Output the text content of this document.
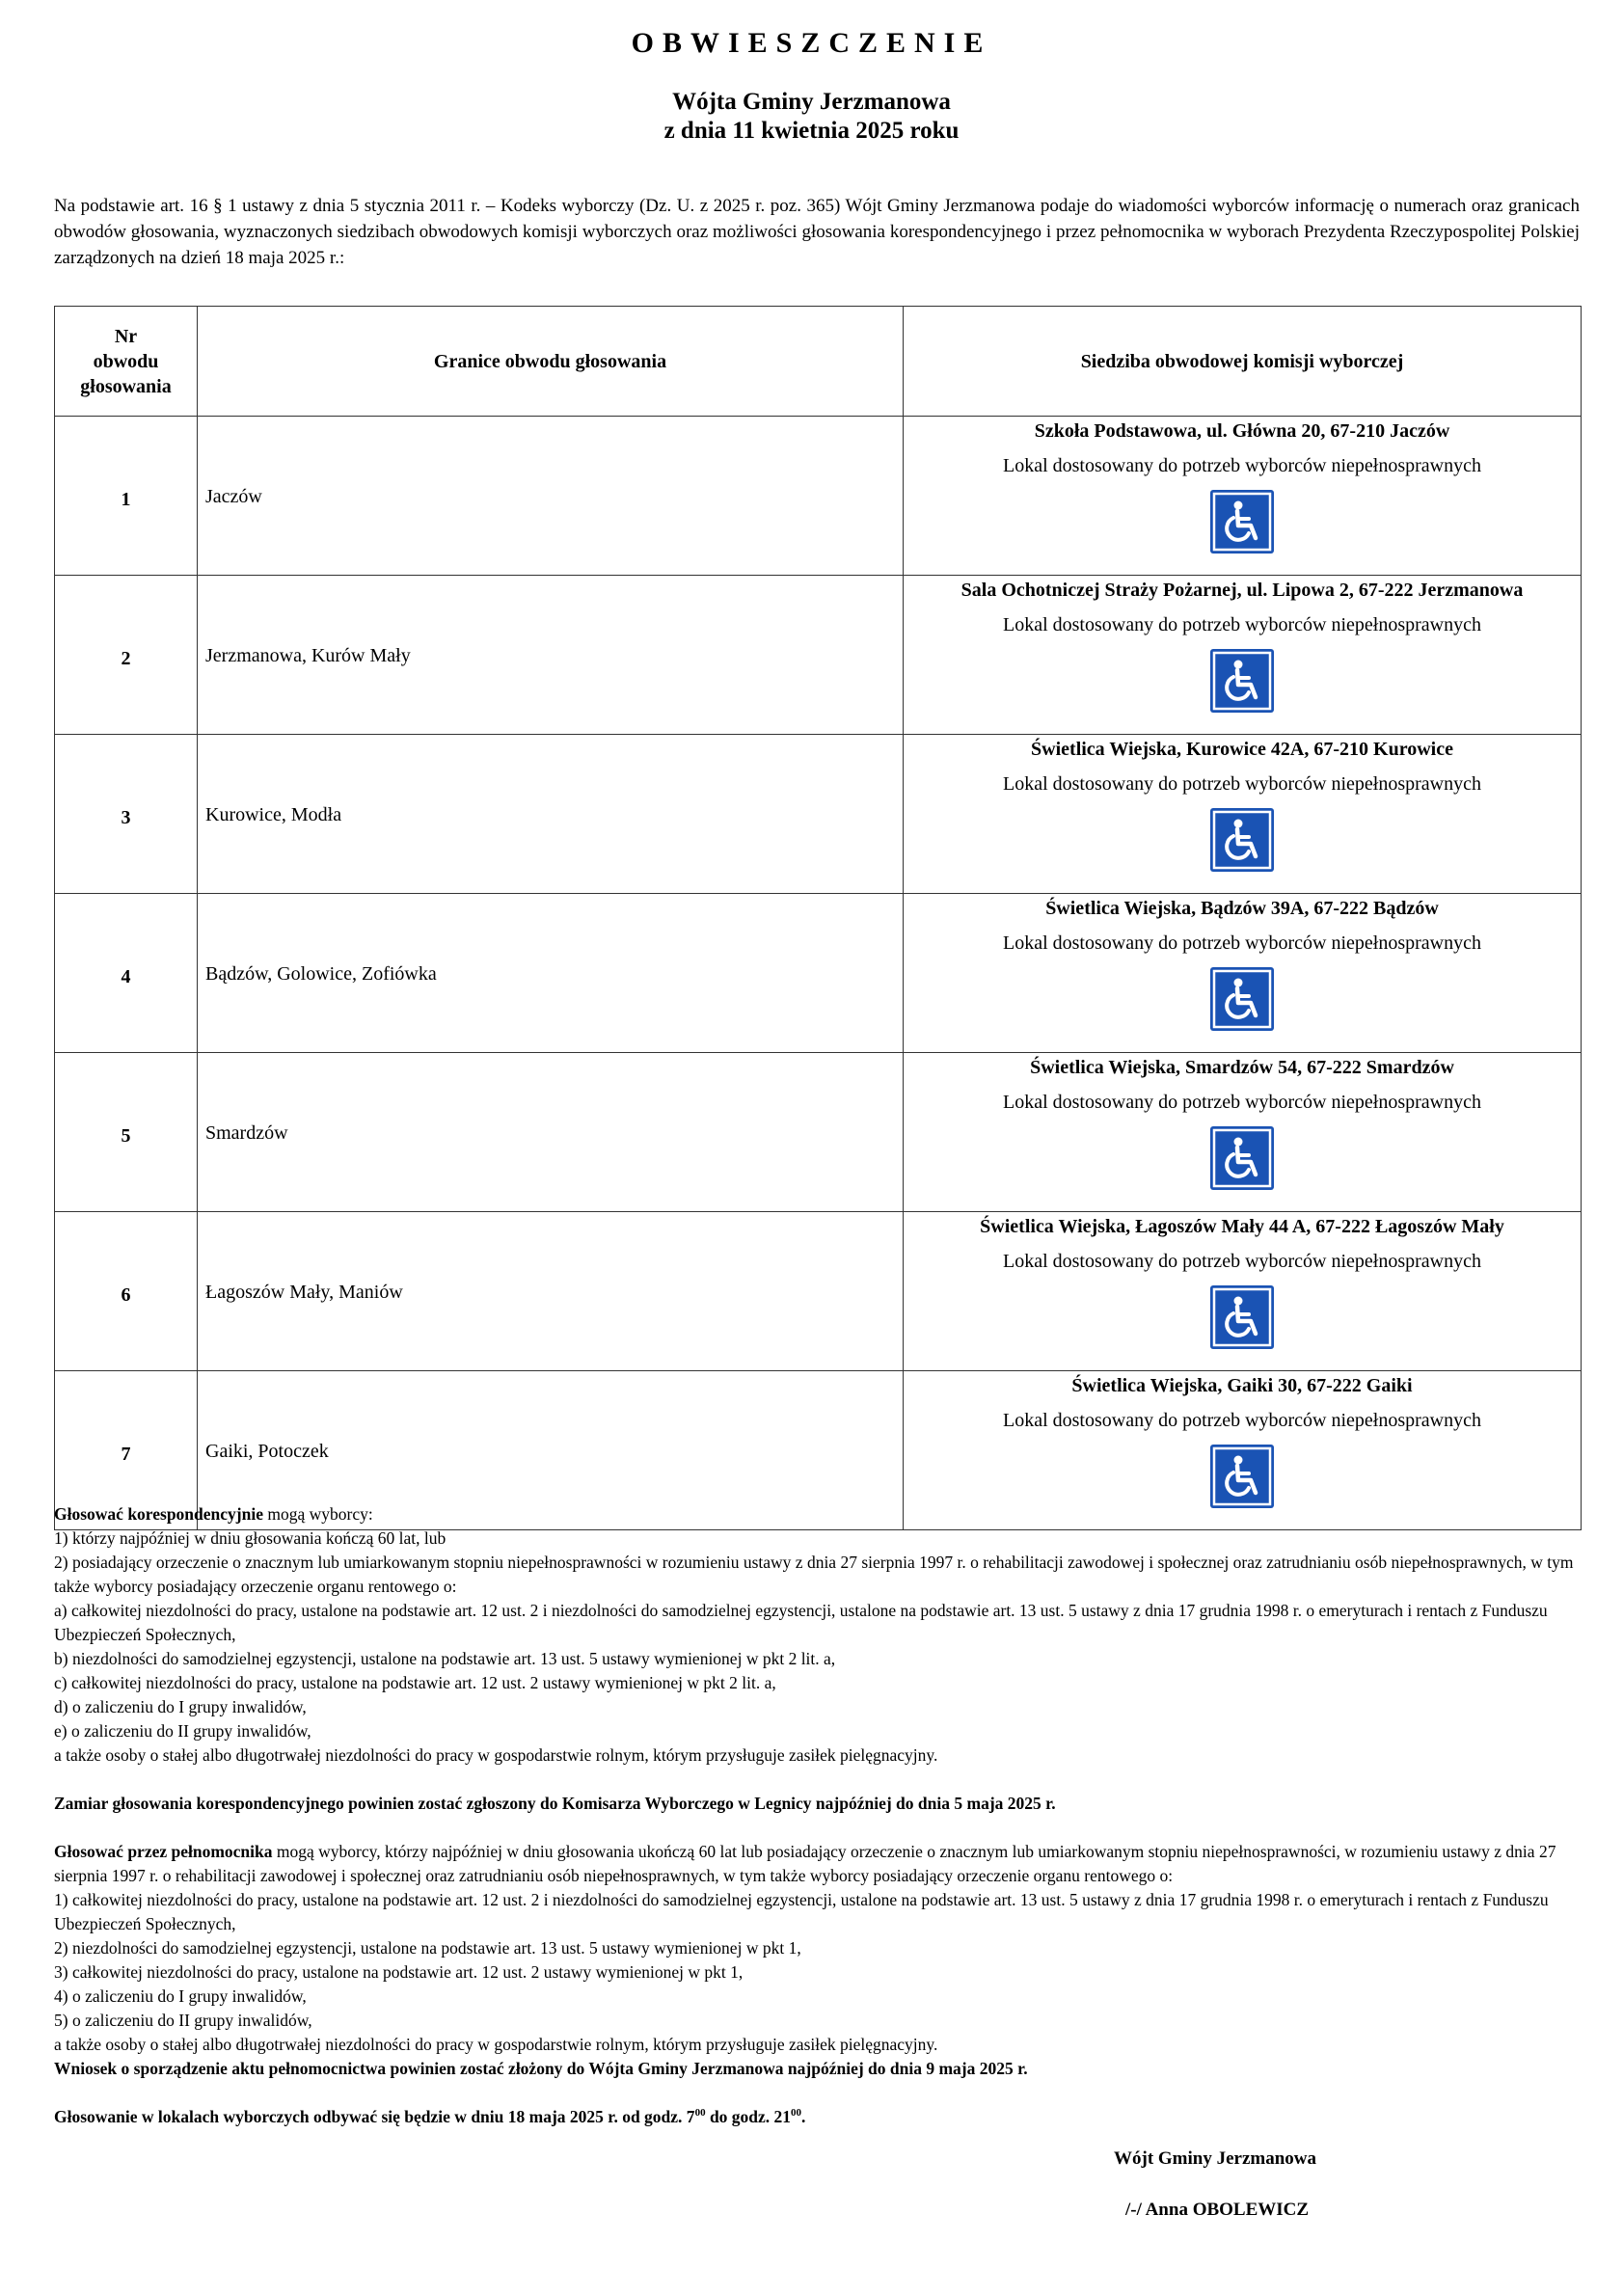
OBWIESZCZENIE
Wójta Gminy Jerzmanowa
z dnia 11 kwietnia 2025 roku
Na podstawie art. 16 § 1 ustawy z dnia 5 stycznia 2011 r. – Kodeks wyborczy (Dz. U. z 2025 r. poz. 365) Wójt Gminy Jerzmanowa podaje do wiadomości wyborców informację o numerach oraz granicach obwodów głosowania, wyznaczonych siedzibach obwodowych komisji wyborczych oraz możliwości głosowania korespondencyjnego i przez pełnomocnika w wyborach Prezydenta Rzeczypospolitej Polskiej zarządzonych na dzień 18 maja 2025 r.:
Nr obwodu głosowania	Granice obwodu głosowania	Siedziba obwodowej komisji wyborczej
1	Jaczów	Szkoła Podstawowa, ul. Główna 20, 67-210 Jaczów
Lokal dostosowany do potrzeb wyborców niepełnosprawnych

2	Jerzmanowa, Kurów Mały	Sala Ochotniczej Straży Pożarnej, ul. Lipowa 2, 67-222 Jerzmanowa
Lokal dostosowany do potrzeb wyborców niepełnosprawnych

3	Kurowice, Modła	Świetlica Wiejska, Kurowice 42A, 67-210 Kurowice
Lokal dostosowany do potrzeb wyborców niepełnosprawnych

4	Bądzów, Golowice, Zofiówka	Świetlica Wiejska, Bądzów 39A, 67-222 Bądzów
Lokal dostosowany do potrzeb wyborców niepełnosprawnych

5	Smardzów	Świetlica Wiejska, Smardzów 54, 67-222 Smardzów
Lokal dostosowany do potrzeb wyborców niepełnosprawnych

6	Łagoszów Mały, Maniów	Świetlica Wiejska, Łagoszów Mały 44 A, 67-222 Łagoszów Mały
Lokal dostosowany do potrzeb wyborców niepełnosprawnych

7	Gaiki, Potoczek	Świetlica Wiejska, Gaiki 30, 67-222 Gaiki
Lokal dostosowany do potrzeb wyborców niepełnosprawnych

Głosować korespondencyjnie mogą wyborcy:

1) którzy najpóźniej w dniu głosowania kończą 60 lat, lub

2) posiadający orzeczenie o znacznym lub umiarkowanym stopniu niepełnosprawności w rozumieniu ustawy z dnia 27 sierpnia 1997 r. o rehabilitacji zawodowej i społecznej oraz zatrudnianiu osób niepełnosprawnych, w tym także wyborcy posiadający orzeczenie organu rentowego o:

a) całkowitej niezdolności do pracy, ustalone na podstawie art. 12 ust. 2 i niezdolności do samodzielnej egzystencji, ustalone na podstawie art. 13 ust. 5 ustawy z dnia 17 grudnia 1998 r. o emeryturach i rentach z Funduszu Ubezpieczeń Społecznych,

b) niezdolności do samodzielnej egzystencji, ustalone na podstawie art. 13 ust. 5 ustawy wymienionej w pkt 2 lit. a,

c) całkowitej niezdolności do pracy, ustalone na podstawie art. 12 ust. 2 ustawy wymienionej w pkt 2 lit. a,

d) o zaliczeniu do I grupy inwalidów,

e) o zaliczeniu do II grupy inwalidów,

a także osoby o stałej albo długotrwałej niezdolności do pracy w gospodarstwie rolnym, którym przysługuje zasiłek pielęgnacyjny.

Zamiar głosowania korespondencyjnego powinien zostać zgłoszony do Komisarza Wyborczego w Legnicy najpóźniej do dnia 5 maja 2025 r.

Głosować przez pełnomocnika mogą wyborcy, którzy najpóźniej w dniu głosowania ukończą 60 lat lub posiadający orzeczenie o znacznym lub umiarkowanym stopniu niepełnosprawności, w rozumieniu ustawy z dnia 27 sierpnia 1997 r. o rehabilitacji zawodowej i społecznej oraz zatrudnianiu osób niepełnosprawnych, w tym także wyborcy posiadający orzeczenie organu rentowego o:

1) całkowitej niezdolności do pracy, ustalone na podstawie art. 12 ust. 2 i niezdolności do samodzielnej egzystencji, ustalone na podstawie art. 13 ust. 5 ustawy z dnia 17 grudnia 1998 r. o emeryturach i rentach z Funduszu Ubezpieczeń Społecznych,

2) niezdolności do samodzielnej egzystencji, ustalone na podstawie art. 13 ust. 5 ustawy wymienionej w pkt 1,

3) całkowitej niezdolności do pracy, ustalone na podstawie art. 12 ust. 2 ustawy wymienionej w pkt 1,

4) o zaliczeniu do I grupy inwalidów,

5) o zaliczeniu do II grupy inwalidów,

a także osoby o stałej albo długotrwałej niezdolności do pracy w gospodarstwie rolnym, którym przysługuje zasiłek pielęgnacyjny.

Wniosek o sporządzenie aktu pełnomocnictwa powinien zostać złożony do Wójta Gminy Jerzmanowa najpóźniej do dnia 9 maja 2025 r.

Głosowanie w lokalach wyborczych odbywać się będzie w dniu 18 maja 2025 r. od godz. $7^{00}$ do godz. $21^{00}$.

Wójt Gminy Jerzmanowa
/-/ Anna OBOLEWICZ
